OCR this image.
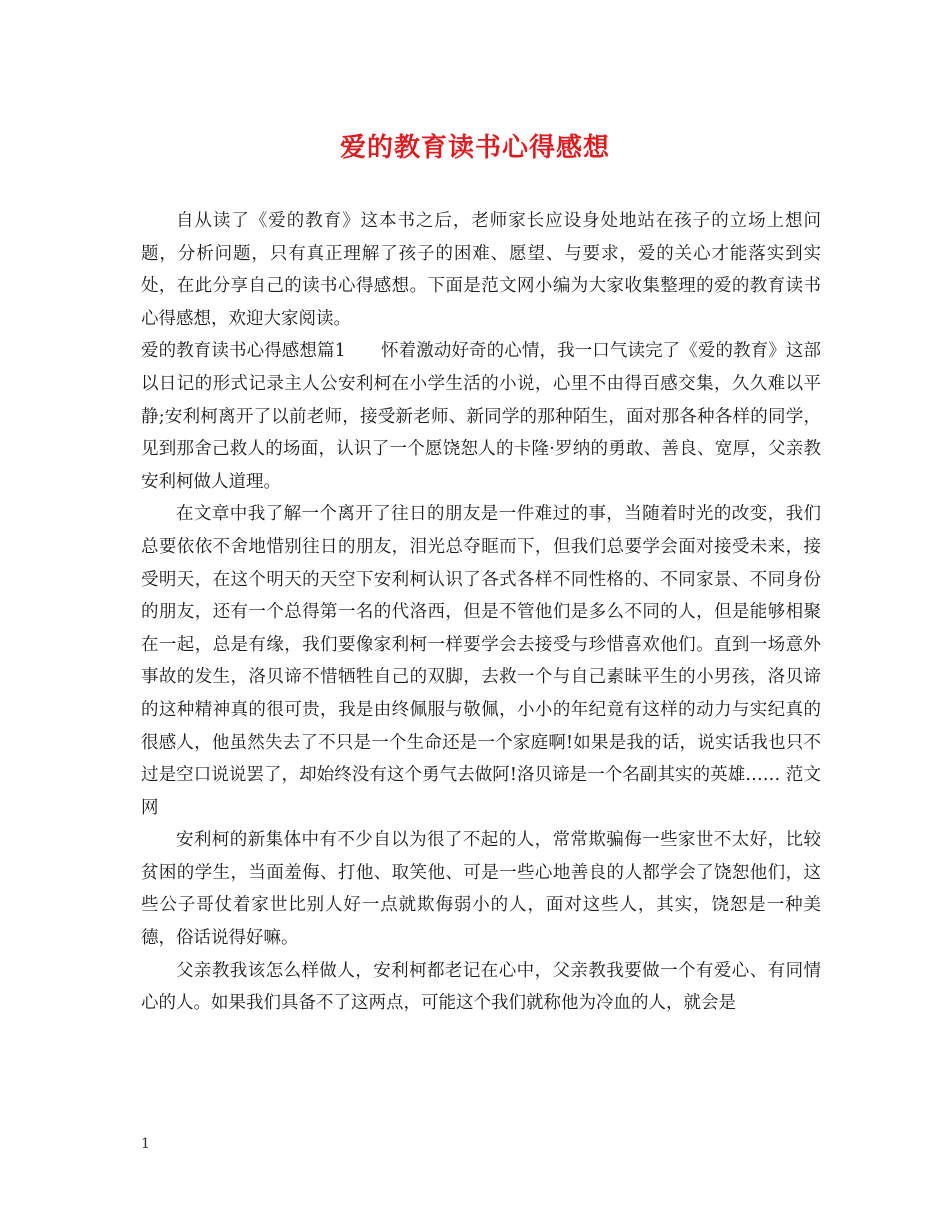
爱的教育读书心得感想

自从读了《爱的教育》这本书之后，老师家长应设身处地站在孩子的立场上想问题，分析问题，只有真正理解了孩子的困难、愿望、与要求，爱的关心才能落实到实处，在此分享自己的读书心得感想。下面是范文网小编为大家收集整理的爱的教育读书心得感想，欢迎大家阅读。

爱的教育读书心得感想篇1　　怀着激动好奇的心情，我一口气读完了《爱的教育》这部以日记的形式记录主人公安利柯在小学生活的小说，心里不由得百感交集，久久难以平静;安利柯离开了以前老师，接受新老师、新同学的那种陌生，面对那各种各样的同学，见到那舍己救人的场面，认识了一个愿饶恕人的卡隆·罗纳的勇敢、善良、宽厚，父亲教安利柯做人道理。

在文章中我了解一个离开了往日的朋友是一件难过的事，当随着时光的改变，我们总要依依不舍地惜别往日的朋友，泪光总夺眶而下，但我们总要学会面对接受未来，接受明天，在这个明天的天空下安利柯认识了各式各样不同性格的、不同家景、不同身份的朋友，还有一个总得第一名的代洛西，但是不管他们是多么不同的人，但是能够相聚在一起，总是有缘，我们要像家利柯一样要学会去接受与珍惜喜欢他们。直到一场意外事故的发生，洛贝谛不惜牺牲自己的双脚，去救一个与自己素昧平生的小男孩，洛贝谛的这种精神真的很可贵，我是由终佩服与敬佩，小小的年纪竟有这样的动力与实纪真的很感人，他虽然失去了不只是一个生命还是一个家庭啊!如果是我的话，说实话我也只不过是空口说说罢了，却始终没有这个勇气去做阿!洛贝谛是一个名副其实的英雄…… 范文网

安利柯的新集体中有不少自以为很了不起的人，常常欺骗侮一些家世不太好，比较贫困的学生，当面羞侮、打他、取笑他、可是一些心地善良的人都学会了饶恕他们，这些公子哥仗着家世比别人好一点就欺侮弱小的人，面对这些人，其实，饶恕是一种美德，俗话说得好嘛。

父亲教我该怎么样做人，安利柯都老记在心中，父亲教我要做一个有爱心、有同情心的人。如果我们具备不了这两点，可能这个我们就称他为冷血的人，就会是

1
